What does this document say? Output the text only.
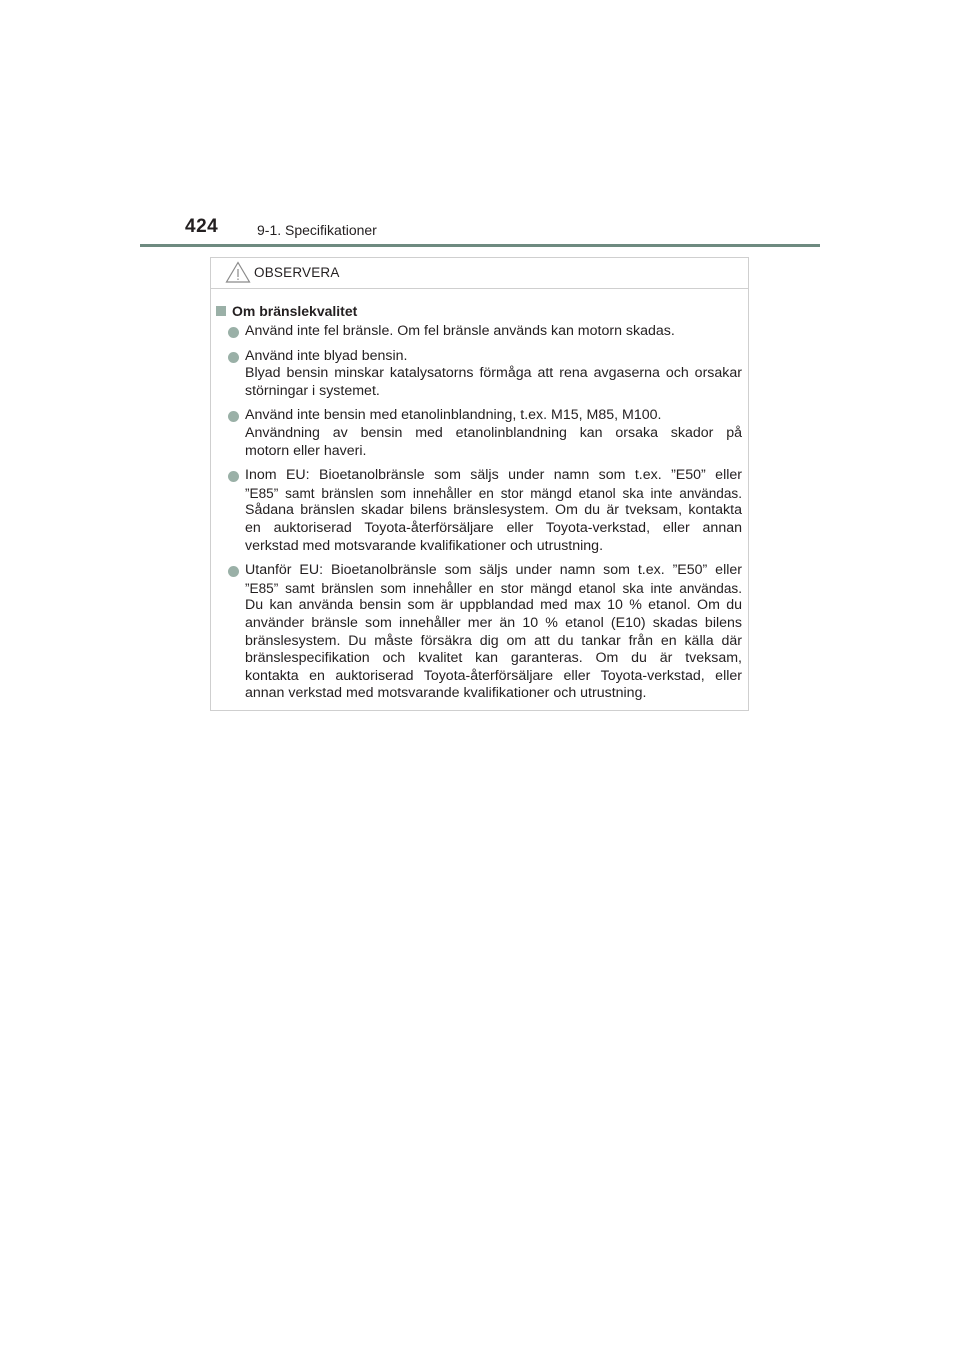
424	9-1. Specifikationer
OBSERVERA
Om bränslekvalitet
Använd inte fel bränsle. Om fel bränsle används kan motorn skadas.
Använd inte blyad bensin.
Blyad bensin minskar katalysatorns förmåga att rena avgaserna och orsakar
störningar i systemet.
Använd inte bensin med etanolinblandning, t.ex. M15, M85, M100.
Användning av bensin med etanolinblandning kan orsaka skador på
motorn eller haveri.
Inom EU: Bioetanolbränsle som säljs under namn som t.ex. ”E50” eller
”E85” samt bränslen som innehåller en stor mängd etanol ska inte användas.
Sådana bränslen skadar bilens bränslesystem. Om du är tveksam, kontakta
en auktoriserad Toyota-återförsäljare eller Toyota-verkstad, eller annan
verkstad med motsvarande kvalifikationer och utrustning.
Utanför EU: Bioetanolbränsle som säljs under namn som t.ex. ”E50” eller
”E85” samt bränslen som innehåller en stor mängd etanol ska inte användas.
Du kan använda bensin som är uppblandad med max 10 % etanol. Om du
använder bränsle som innehåller mer än 10 % etanol (E10) skadas bilens
bränslesystem. Du måste försäkra dig om att du tankar från en källa där
bränslespecifikation och kvalitet kan garanteras. Om du är tveksam,
kontakta en auktoriserad Toyota-återförsäljare eller Toyota-verkstad, eller
annan verkstad med motsvarande kvalifikationer och utrustning.
